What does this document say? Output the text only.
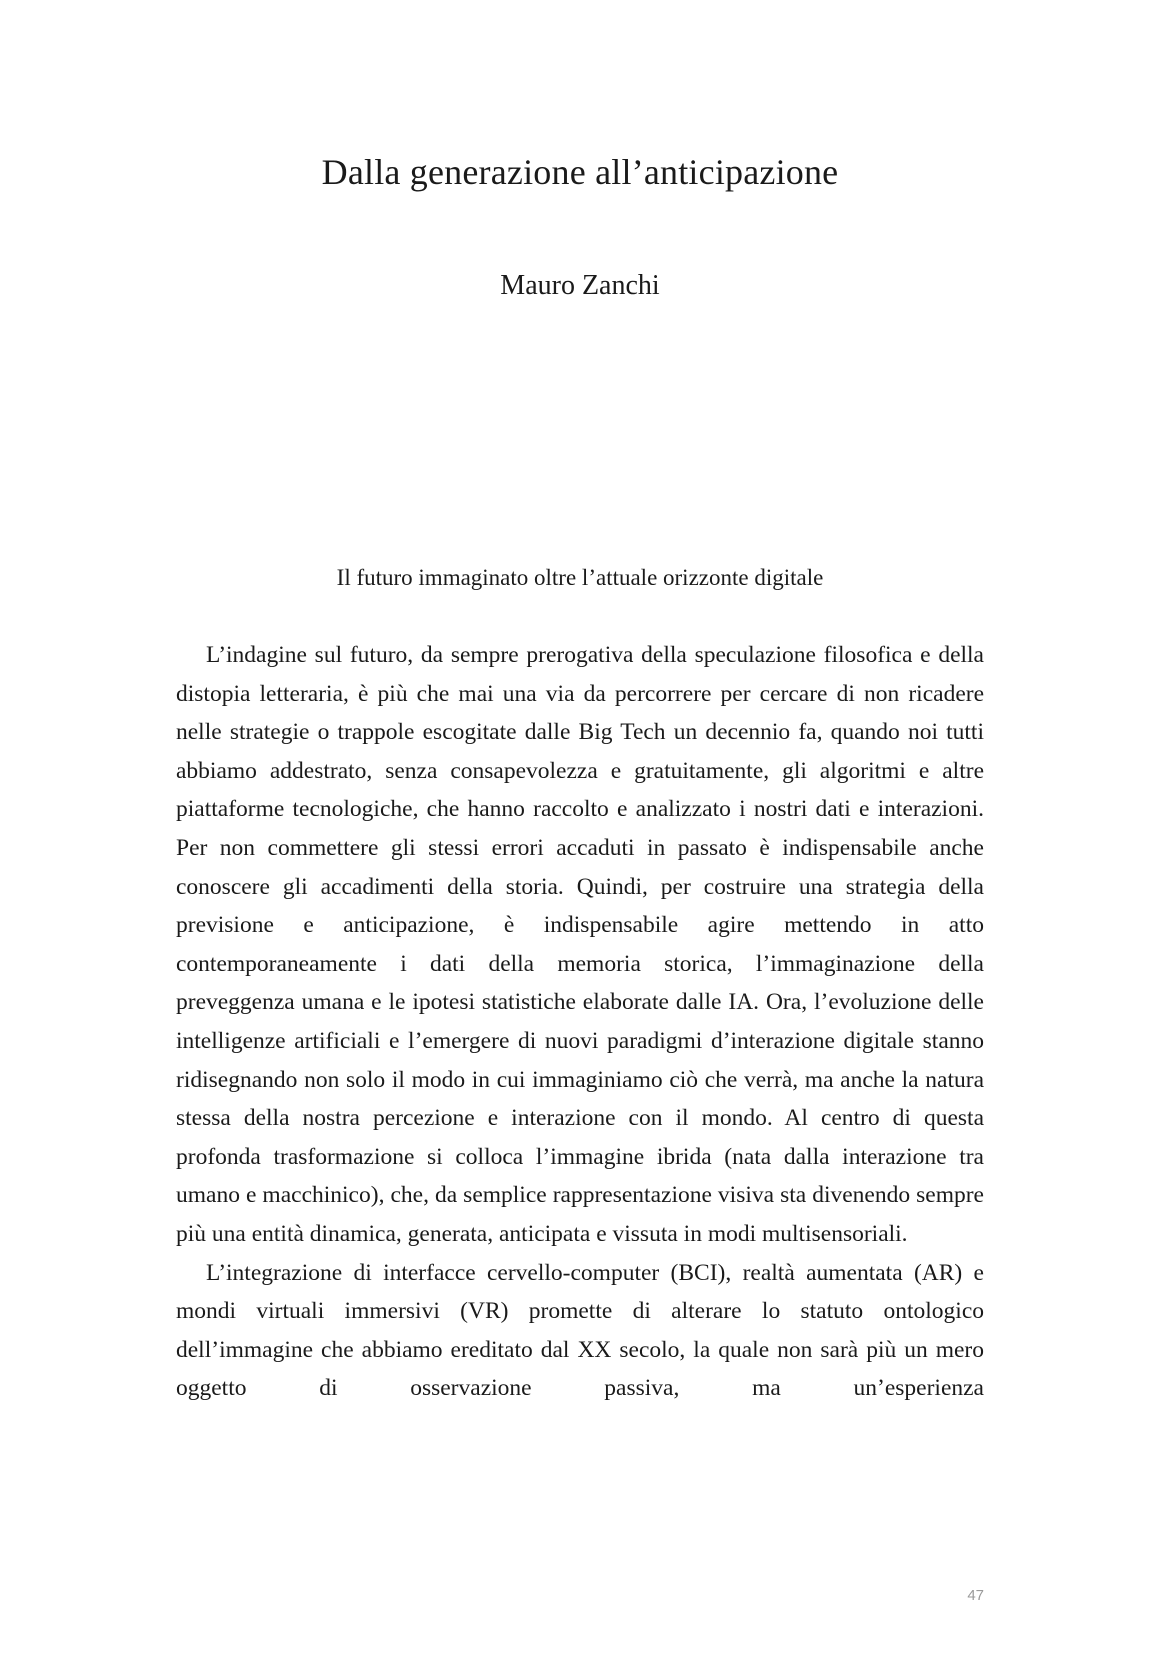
Dalla generazione all’anticipazione
Mauro Zanchi
Il futuro immaginato oltre l’attuale orizzonte digitale

L’indagine sul futuro, da sempre prerogativa della speculazione filosofica e della distopia letteraria, è più che mai una via da percorrere per cercare di non ricadere nelle strategie o trappole escogitate dalle Big Tech un decennio fa, quando noi tutti abbiamo addestrato, senza consapevolezza e gratuitamente, gli algoritmi e altre piattaforme tecnologiche, che hanno raccolto e analizzato i nostri dati e interazioni. Per non commettere gli stessi errori accaduti in passato è indispensabile anche conoscere gli accadimenti della storia. Quindi, per costruire una strategia della previsione e anticipazione, è indispensabile agire mettendo in atto contemporaneamente i dati della memoria storica, l’immaginazione della preveggenza umana e le ipotesi statistiche elaborate dalle IA. Ora, l’evoluzione delle intelligenze artificiali e l’emergere di nuovi paradigmi d’interazione digitale stanno ridisegnando non solo il modo in cui immaginiamo ciò che verrà, ma anche la natura stessa della nostra percezione e interazione con il mondo. Al centro di questa profonda trasformazione si colloca l’immagine ibrida (nata dalla interazione tra umano e macchinico), che, da semplice rappresentazione visiva sta divenendo sempre più una entità dinamica, generata, anticipata e vissuta in modi multisensoriali.

L’integrazione di interfacce cervello-computer (BCI), realtà aumentata (AR) e mondi virtuali immersivi (VR) promette di alterare lo statuto ontologico dell’immagine che abbiamo ereditato dal XX secolo, la quale non sarà più un mero oggetto di osservazione passiva, ma un’esperienza

47
